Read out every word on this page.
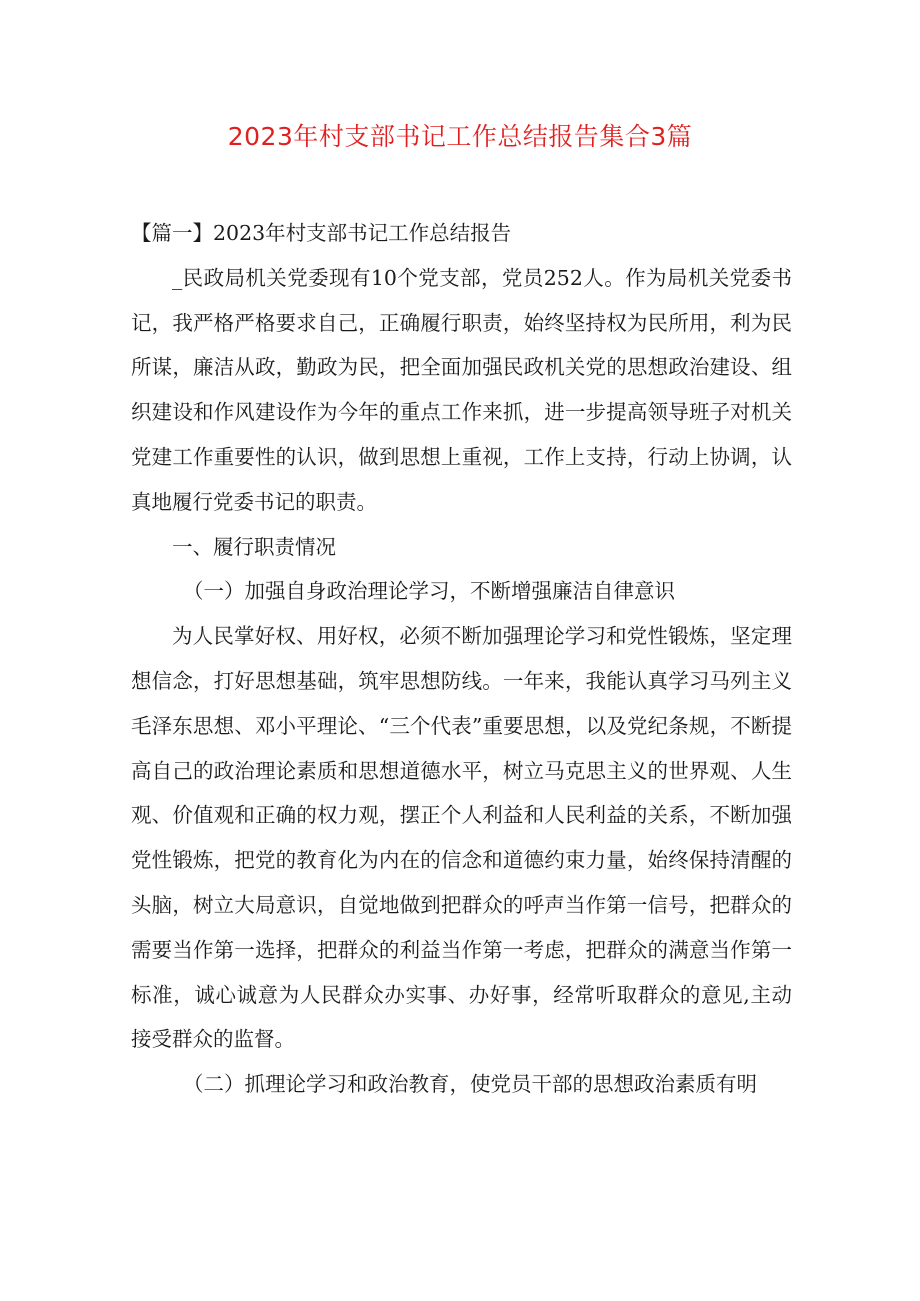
2023年村支部书记工作总结报告集合3篇

【篇一】2023年村支部书记工作总结报告

_民政局机关党委现有10个党支部，党员252人。作为局机关党委书记，我严格严格要求自己，正确履行职责，始终坚持权为民所用，利为民所谋，廉洁从政，勤政为民，把全面加强民政机关党的思想政治建设、组织建设和作风建设作为今年的重点工作来抓，进一步提高领导班子对机关党建工作重要性的认识，做到思想上重视，工作上支持，行动上协调，认真地履行党委书记的职责。

一、履行职责情况

（一）加强自身政治理论学习，不断增强廉洁自律意识

为人民掌好权、用好权，必须不断加强理论学习和党性锻炼，坚定理想信念，打好思想基础，筑牢思想防线。一年来，我能认真学习马列主义毛泽东思想、邓小平理论、“三个代表”重要思想，以及党纪条规，不断提高自己的政治理论素质和思想道德水平，树立马克思主义的世界观、人生观、价值观和正确的权力观，摆正个人利益和人民利益的关系，不断加强党性锻炼，把党的教育化为内在的信念和道德约束力量，始终保持清醒的头脑，树立大局意识，自觉地做到把群众的呼声当作第一信号，把群众的需要当作第一选择，把群众的利益当作第一考虑，把群众的满意当作第一标准，诚心诚意为人民群众办实事、办好事，经常听取群众的意见,主动接受群众的监督。

（二）抓理论学习和政治教育，使党员干部的思想政治素质有明
